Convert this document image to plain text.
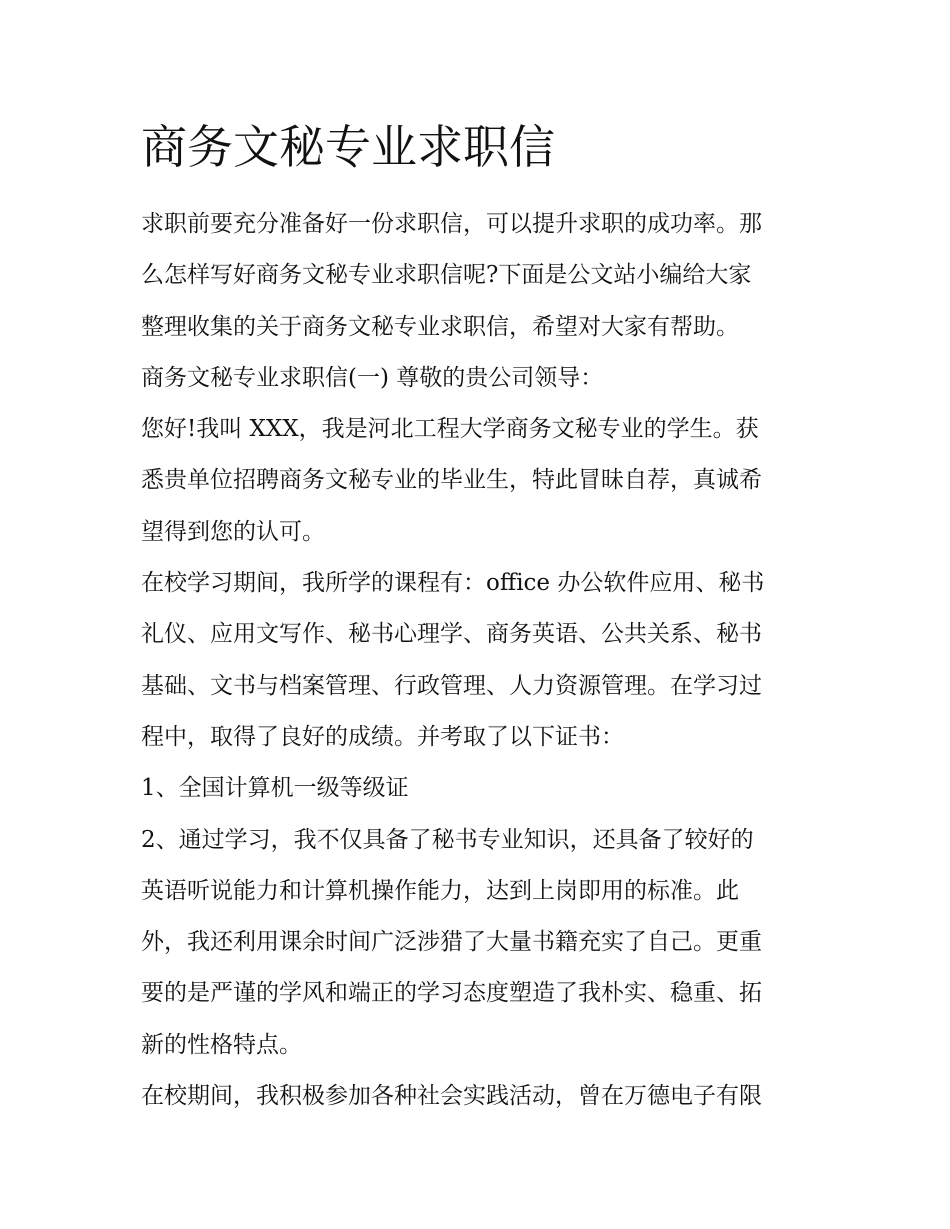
商务文秘专业求职信
求职前要充分准备好一份求职信，可以提升求职的成功率。那
么怎样写好商务文秘专业求职信呢?下面是公文站小编给大家
整理收集的关于商务文秘专业求职信，希望对大家有帮助。
商务文秘专业求职信(一) 尊敬的贵公司领导：
您好!我叫 XXX，我是河北工程大学商务文秘专业的学生。获
悉贵单位招聘商务文秘专业的毕业生，特此冒昧自荐，真诚希
望得到您的认可。
在校学习期间，我所学的课程有：office 办公软件应用、秘书
礼仪、应用文写作、秘书心理学、商务英语、公共关系、秘书
基础、文书与档案管理、行政管理、人力资源管理。在学习过
程中，取得了良好的成绩。并考取了以下证书：
1、全国计算机一级等级证
2、通过学习，我不仅具备了秘书专业知识，还具备了较好的
英语听说能力和计算机操作能力，达到上岗即用的标准。此
外，我还利用课余时间广泛涉猎了大量书籍充实了自己。更重
要的是严谨的学风和端正的学习态度塑造了我朴实、稳重、拓
新的性格特点。
在校期间，我积极参加各种社会实践活动，曾在万德电子有限
